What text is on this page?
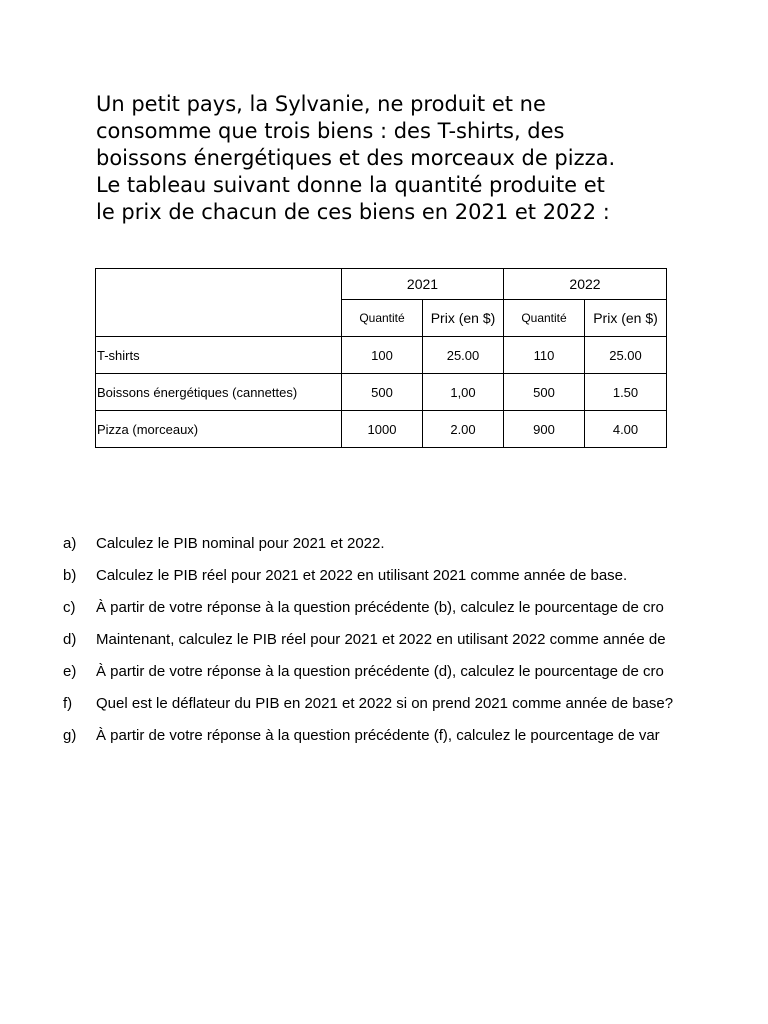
Un petit pays, la Sylvanie, ne produit et ne
consomme que trois biens : des T-shirts, des
boissons énergétiques et des morceaux de pizza.
Le tableau suivant donne la quantité produite et
le prix de chacun de ces biens en 2021 et 2022 :

	2021		2022	
	Quantité	Prix (en $)	Quantité	Prix (en $)
T-shirts	100	25.00	110	25.00
Boissons énergétiques (cannettes)	500	1,00	500	1.50
Pizza (morceaux)	1000	2.00	900	4.00
a) Calculez le PIB nominal pour 2021 et 2022.
b) Calculez le PIB réel pour 2021 et 2022 en utilisant 2021 comme année de base.
c) À partir de votre réponse à la question précédente (b), calculez le pourcentage de cro
d) Maintenant, calculez le PIB réel pour 2021 et 2022 en utilisant 2022 comme année de
e) À partir de votre réponse à la question précédente (d), calculez le pourcentage de cro
f) Quel est le déflateur du PIB en 2021 et 2022 si on prend 2021 comme année de base?
g) À partir de votre réponse à la question précédente (f), calculez le pourcentage de var
